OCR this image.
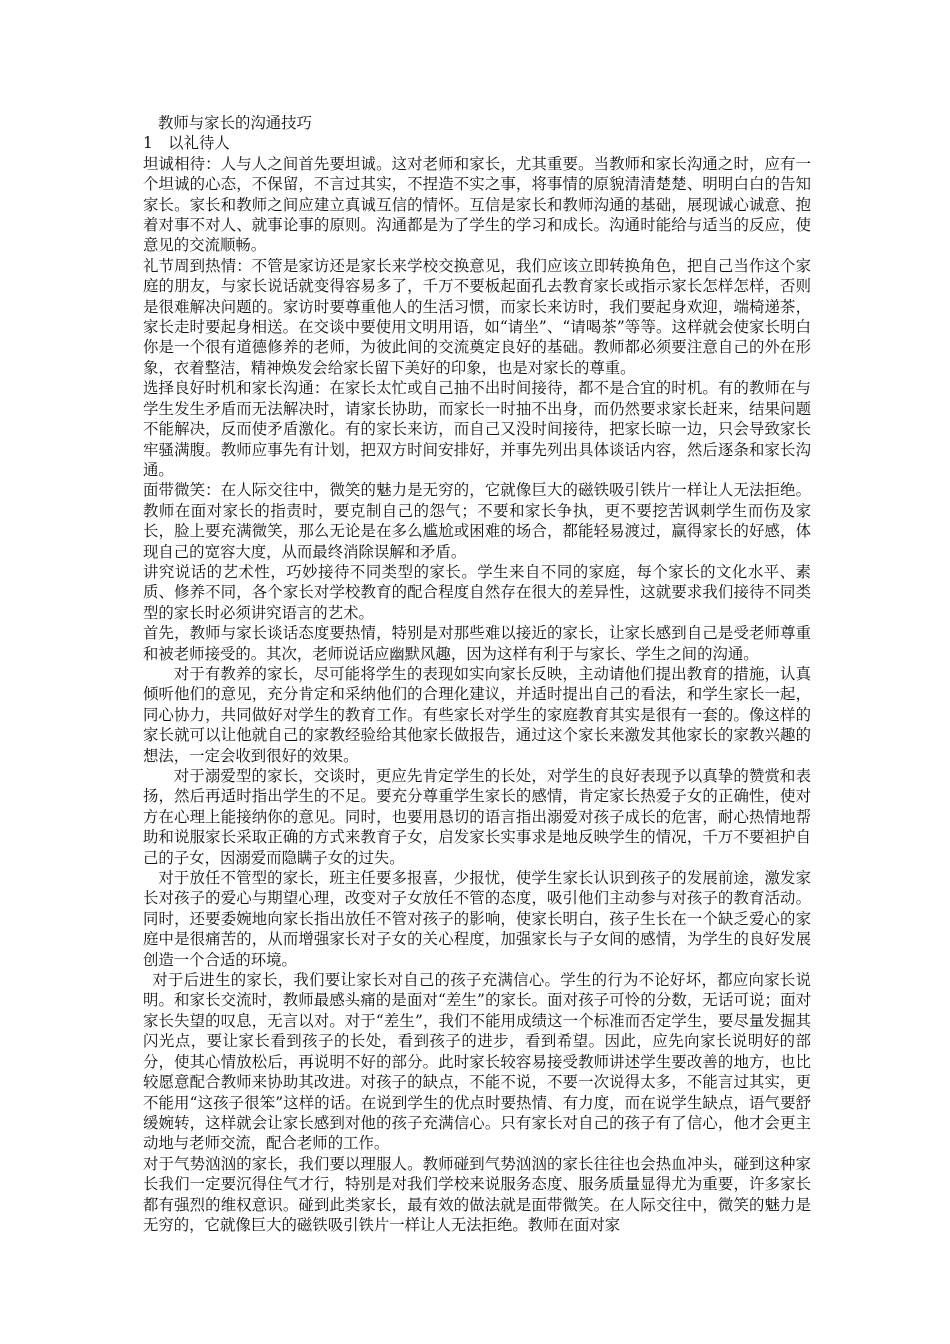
教师与家长的沟通技巧

1　以礼待人

坦诚相待：人与人之间首先要坦诚。这对老师和家长，尤其重要。当教师和家长沟通之时，应有一个坦诚的心态，不保留，不言过其实，不捏造不实之事，将事情的原貌清清楚楚、明明白白的告知家长。家长和教师之间应建立真诚互信的情怀。互信是家长和教师沟通的基础，展现诚心诚意、抱着对事不对人、就事论事的原则。沟通都是为了学生的学习和成长。沟通时能给与适当的反应，使意见的交流顺畅。

礼节周到热情：不管是家访还是家长来学校交换意见，我们应该立即转换角色，把自己当作这个家庭的朋友，与家长说话就变得容易多了，千万不要板起面孔去教育家长或指示家长怎样怎样，否则是很难解决问题的。家访时要尊重他人的生活习惯，而家长来访时，我们要起身欢迎，端椅递茶，家长走时要起身相送。在交谈中要使用文明用语，如“请坐”、“请喝茶”等等。这样就会使家长明白你是一个很有道德修养的老师，为彼此间的交流奠定良好的基础。教师都必须要注意自己的外在形象，衣着整洁，精神焕发会给家长留下美好的印象，也是对家长的尊重。

选择良好时机和家长沟通：在家长太忙或自己抽不出时间接待，都不是合宜的时机。有的教师在与学生发生矛盾而无法解决时，请家长协助，而家长一时抽不出身，而仍然要求家长赶来，结果问题不能解决，反而使矛盾激化。有的家长来访，而自己又没时间接待，把家长晾一边，只会导致家长牢骚满腹。教师应事先有计划，把双方时间安排好，并事先列出具体谈话内容，然后逐条和家长沟通。

面带微笑：在人际交往中，微笑的魅力是无穷的，它就像巨大的磁铁吸引铁片一样让人无法拒绝。教师在面对家长的指责时，要克制自己的怨气；不要和家长争执，更不要挖苦讽刺学生而伤及家长，脸上要充满微笑，那么无论是在多么尴尬或困难的场合，都能轻易渡过，赢得家长的好感，体现自己的宽容大度，从而最终消除误解和矛盾。

讲究说话的艺术性，巧妙接待不同类型的家长。学生来自不同的家庭，每个家长的文化水平、素质、修养不同，各个家长对学校教育的配合程度自然存在很大的差异性，这就要求我们接待不同类型的家长时必须讲究语言的艺术。

首先，教师与家长谈话态度要热情，特别是对那些难以接近的家长，让家长感到自己是受老师尊重和被老师接受的。其次，老师说话应幽默风趣，因为这样有利于与家长、学生之间的沟通。

对于有教养的家长，尽可能将学生的表现如实向家长反映，主动请他们提出教育的措施，认真倾听他们的意见，充分肯定和采纳他们的合理化建议，并适时提出自己的看法，和学生家长一起，同心协力，共同做好对学生的教育工作。有些家长对学生的家庭教育其实是很有一套的。像这样的家长就可以让他就自己的家教经验给其他家长做报告，通过这个家长来激发其他家长的家教兴趣的想法，一定会收到很好的效果。

对于溺爱型的家长，交谈时，更应先肯定学生的长处，对学生的良好表现予以真挚的赞赏和表扬，然后再适时指出学生的不足。要充分尊重学生家长的感情，肯定家长热爱子女的正确性，使对方在心理上能接纳你的意见。同时，也要用恳切的语言指出溺爱对孩子成长的危害，耐心热情地帮助和说服家长采取正确的方式来教育子女，启发家长实事求是地反映学生的情况，千万不要袒护自己的子女，因溺爱而隐瞒子女的过失。

对于放任不管型的家长，班主任要多报喜，少报忧，使学生家长认识到孩子的发展前途，激发家长对孩子的爱心与期望心理，改变对子女放任不管的态度，吸引他们主动参与对孩子的教育活动。同时，还要委婉地向家长指出放任不管对孩子的影响，使家长明白，孩子生长在一个缺乏爱心的家庭中是很痛苦的，从而增强家长对子女的关心程度，加强家长与子女间的感情，为学生的良好发展创造一个合适的环境。

对于后进生的家长，我们要让家长对自己的孩子充满信心。学生的行为不论好坏，都应向家长说明。和家长交流时，教师最感头痛的是面对“差生”的家长。面对孩子可怜的分数，无话可说；面对家长失望的叹息，无言以对。对于“差生”，我们不能用成绩这一个标准而否定学生，要尽量发掘其闪光点，要让家长看到孩子的长处，看到孩子的进步，看到希望。因此，应先向家长说明好的部分，使其心情放松后，再说明不好的部分。此时家长较容易接受教师讲述学生要改善的地方，也比较愿意配合教师来协助其改进。对孩子的缺点，不能不说，不要一次说得太多，不能言过其实，更不能用“这孩子很笨”这样的话。在说到学生的优点时要热情、有力度，而在说学生缺点，语气要舒缓婉转，这样就会让家长感到对他的孩子充满信心。只有家长对自己的孩子有了信心，他才会更主动地与老师交流，配合老师的工作。

对于气势汹汹的家长，我们要以理服人。教师碰到气势汹汹的家长往往也会热血冲头，碰到这种家长我们一定要沉得住气才行，特别是对我们学校来说服务态度、服务质量显得尤为重要，许多家长都有强烈的维权意识。碰到此类家长，最有效的做法就是面带微笑。在人际交往中，微笑的魅力是无穷的，它就像巨大的磁铁吸引铁片一样让人无法拒绝。教师在面对家
